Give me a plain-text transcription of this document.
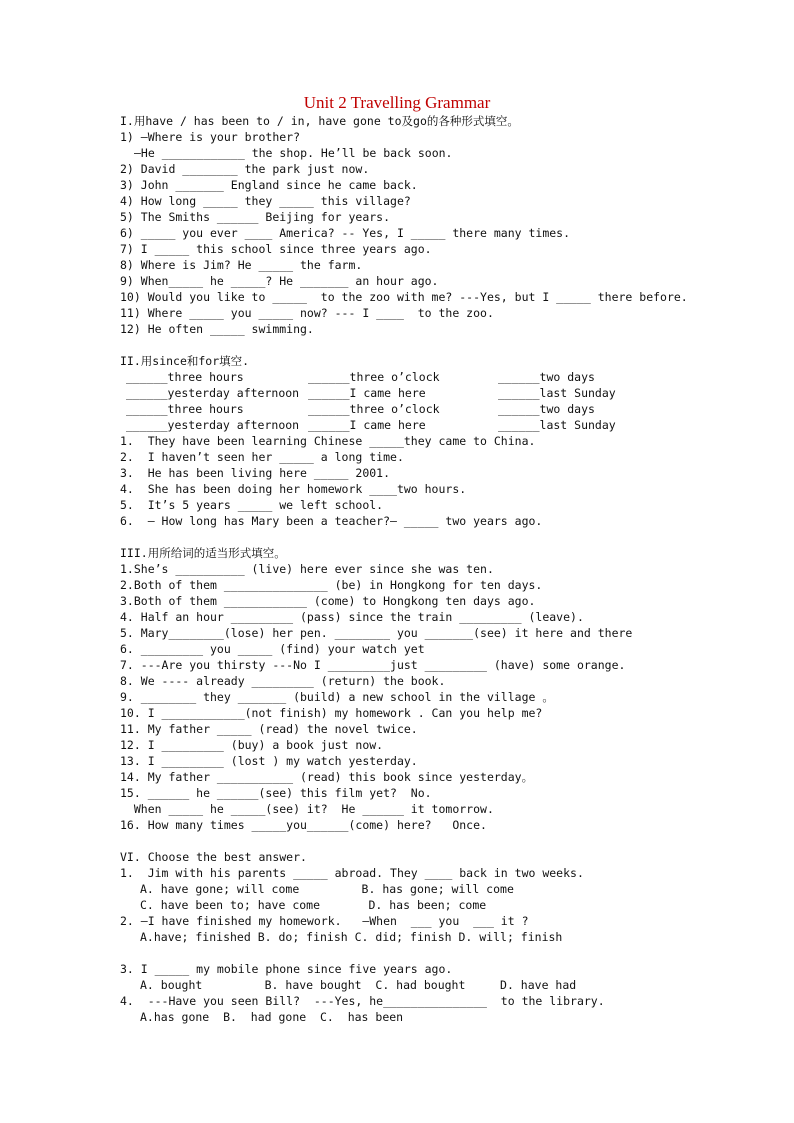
Unit 2 Travelling Grammar
I.用have / has been to / in, have gone to及go的各种形式填空。
1) —Where is your brother?
—He ____________ the shop. He’ll be back soon.
2) David ________ the park just now.
3) John _______ England since he came back.
4) How long _____ they _____ this village?
5) The Smiths ______ Beijing for years.
6) _____ you ever ____ America? -- Yes, I _____ there many times.
7) I _____ this school since three years ago.
8) Where is Jim? He _____ the farm.
9) When_____ he _____? He _______ an hour ago.
10) Would you like to _____  to the zoo with me? ---Yes, but I _____ there before.
11) Where _____ you _____ now? --- I ____  to the zoo.
12) He often _____ swimming.
II.用since和for填空.
______three hours	______three o’clock	______two days
______yesterday afternoon ______I came here	______last Sunday
______three hours	______three o’clock	______two days
______yesterday afternoon ______I came here	______last Sunday
1.  They have been learning Chinese _____they came to China.
2.  I haven’t seen her _____ a long time.
3.  He has been living here _____ 2001.
4.  She has been doing her homework ____two hours.
5.  It’s 5 years _____ we left school.
6.  – How long has Mary been a teacher?– _____ two years ago.
III.用所给词的适当形式填空。
1.She’s __________ (live) here ever since she was ten.
2.Both of them _______________ (be) in Hongkong for ten days.
3.Both of them ____________ (come) to Hongkong ten days ago.
4. Half an hour _________ (pass) since the train _________ (leave).
5. Mary________(lose) her pen. ________ you _______(see) it here and there
6. _________ you _____ (find) your watch yet
7. ---Are you thirsty ---No I _________just _________ (have) some orange.
8. We ---- already _________ (return) the book.
9. ________ they _______ (build) a new school in the village 。
10. I ____________(not finish) my homework . Can you help me?
11. My father _____ (read) the novel twice.
12. I _________ (buy) a book just now.
13. I _________ (lost ) my watch yesterday.
14. My father ___________ (read) this book since yesterday。
15. ______ he ______(see) this film yet?  No.
When _____ he _____(see) it?  He ______ it tomorrow.
16. How many times _____you______(come) here?   Once.
VI. Choose the best answer.
1.  Jim with his parents _____ abroad. They ____ back in two weeks.
A. have gone; will come         B. has gone; will come
C. have been to; have come       D. has been; come
2. —I have finished my homework.   —When  ___ you  ___ it ?
A.have; finished B. do; finish C. did; finish D. will; finish
3. I _____ my mobile phone since five years ago.
A. bought         B. have bought  C. had bought     D. have had
4.  ---Have you seen Bill?  ---Yes, he_______________  to the library.
A.has gone  B.  had gone  C.  has been
